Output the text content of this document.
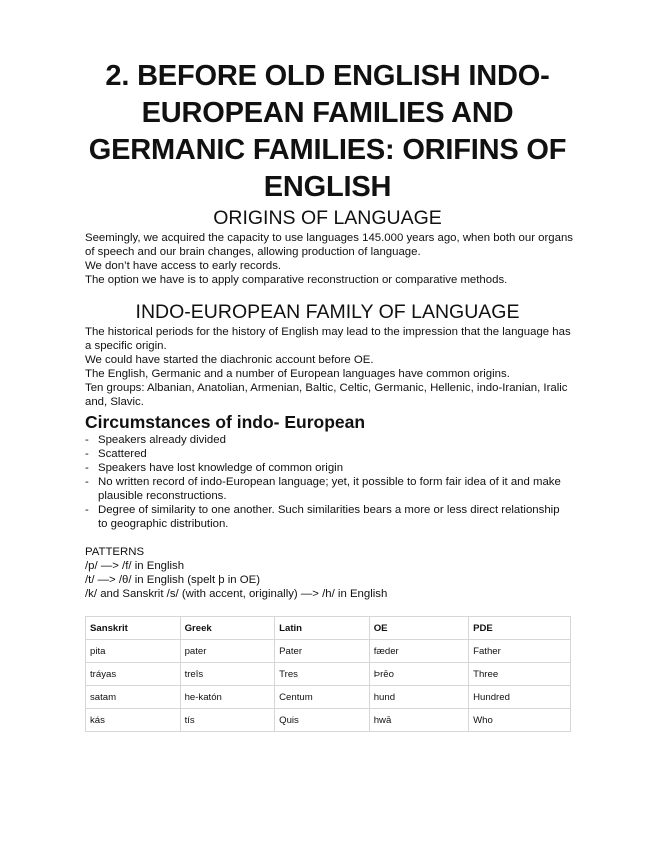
2. BEFORE OLD ENGLISH INDO-EUROPEAN FAMILIES AND GERMANIC FAMILIES: ORIFINS OF ENGLISH
ORIGINS OF LANGUAGE

Seemingly, we acquired the capacity to use languages 145.000 years ago, when both our organs of speech and our brain changes, allowing production of language.

We don’t have access to early records.

The option we have is to apply comparative reconstruction or comparative methods.

INDO-EUROPEAN FAMILY OF LANGUAGE

The historical periods for the history of English may lead to the impression that the language has a specific origin.

We could have started the diachronic account before OE.

The English, Germanic and a number of European languages have common origins.

Ten groups: Albanian, Anatolian, Armenian, Baltic, Celtic, Germanic, Hellenic, indo-Iranian, Iralic and, Slavic.

Circumstances of indo- European
- Speakers already divided
- Scattered
- Speakers have lost knowledge of common origin
- No written record of indo-European language; yet, it possible to form fair idea of it and make plausible reconstructions.
- Degree of similarity to one another. Such similarities bears a more or less direct relationship to geographic distribution.

PATTERNS

/p/ —> /f/ in English

/t/ —> /θ/ in English (spelt þ in OE)

/k/ and Sanskrit /s/ (with accent, originally) —> /h/ in English

Sanskrit	Greek	Latin	OE	PDE
pita	pater	Pater	fæder	Father
tráyas	treîs	Tres	Þrēo	Three
satam	he-katón	Centum	hund	Hundred
kás	tís	Quis	hwā	Who
